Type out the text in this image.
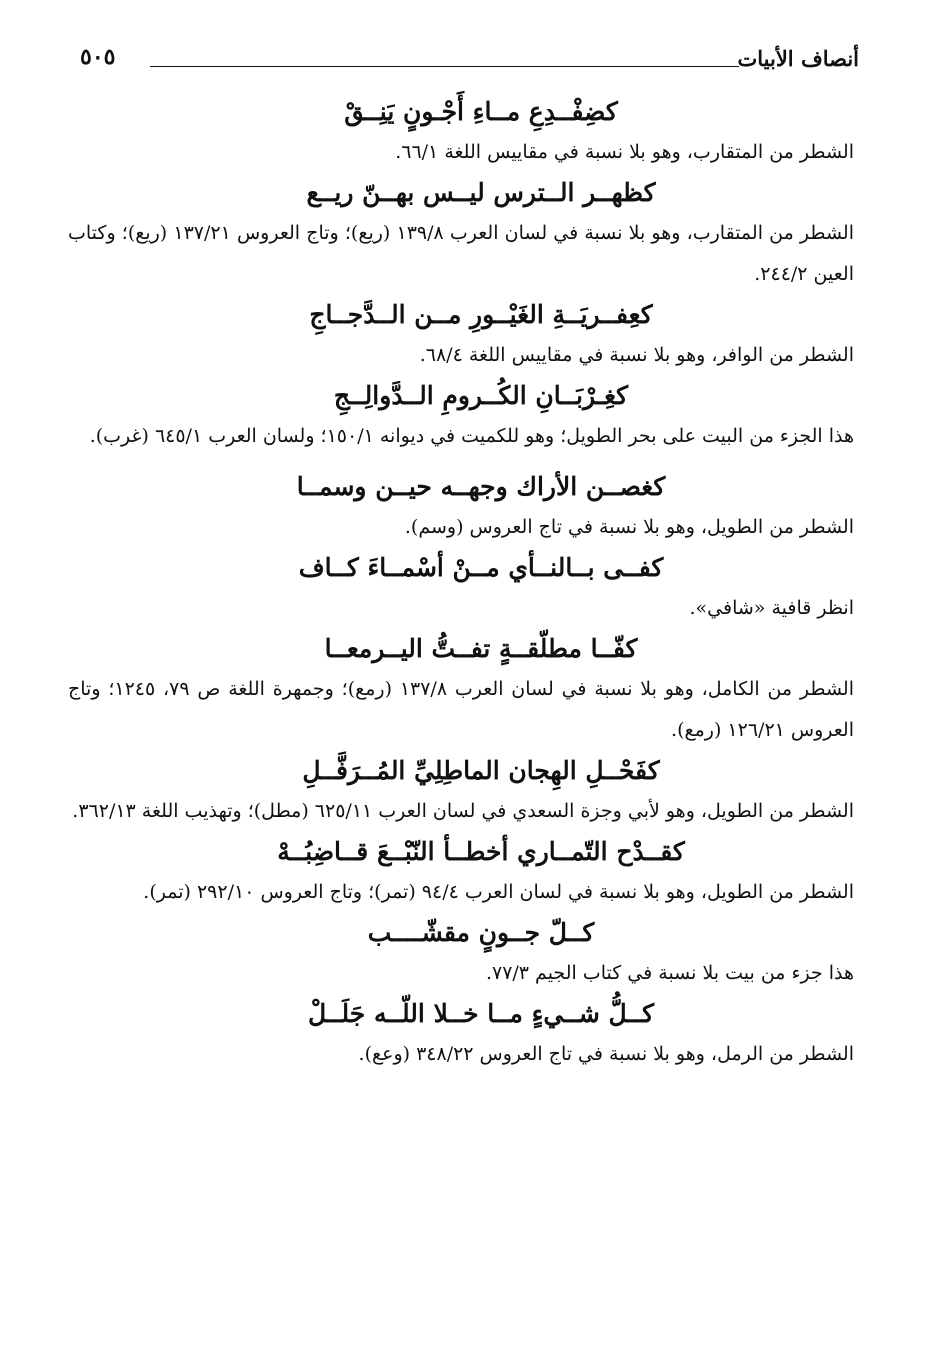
أنصاف الأبيات
٥٠٥

كضِفْــدِعِ مــاءِ أَجْـونٍ يَنِــقْ

الشطر من المتقارب، وهو بلا نسبة في مقاييس اللغة ٦٦/١.

كظهــر الــترس ليــس بهــنّ ريــع

الشطر من المتقارب، وهو بلا نسبة في لسان العرب ١٣٩/٨ (ريع)؛ وتاج العروس ١٣٧/٢١ (ريع)؛ وكتاب العين ٢٤٤/٢.

كعِفــريَــةِ الغَيْــورِ مــن الــدَّجــاجِ

الشطر من الوافر، وهو بلا نسبة في مقاييس اللغة ٦٨/٤.

كغِـرْبَــانِ الكُــرومِ الــدَّوالِــجِ

هذا الجزء من البيت على بحر الطويل؛ وهو للكميت في ديوانه ١٥٠/١؛ ولسان العرب ٦٤٥/١ (غرب).

كغصــن الأراك وجهــه حيــن وسمــا

الشطر من الطويل، وهو بلا نسبة في تاج العروس (وسم).

كفــى بــالنــأي مــنْ أسْمــاءَ كــاف

انظر قافية «شافي».

كفّــا مطلّقــةٍ تفــتُّ اليــرمعــا

الشطر من الكامل، وهو بلا نسبة في لسان العرب ١٣٧/٨ (رمع)؛ وجمهرة اللغة ص ٧٩، ١٢٤٥؛ وتاج العروس ١٢٦/٢١ (رمع).

كفَحْــلِ الهِجان الماطِلِيِّ المُــرَفَّــلِ

الشطر من الطويل، وهو لأبي وجزة السعدي في لسان العرب ٦٢٥/١١ (مطل)؛ وتهذيب اللغة ٣٦٢/١٣.

كقــدْح التّمــاري أخطــأ النّبْــعَ قــاضِبُــهْ

الشطر من الطويل، وهو بلا نسبة في لسان العرب ٩٤/٤ (تمر)؛ وتاج العروس ٢٩٢/١٠ (تمر).

كــلّ جــونٍ مقشّــــب

هذا جزء من بيت بلا نسبة في كتاب الجيم ٧٧/٣.

كــلُّ شــيءٍ مــا خــلا اللّــه جَلَــلْ

الشطر من الرمل، وهو بلا نسبة في تاج العروس ٣٤٨/٢٢ (وعع).
